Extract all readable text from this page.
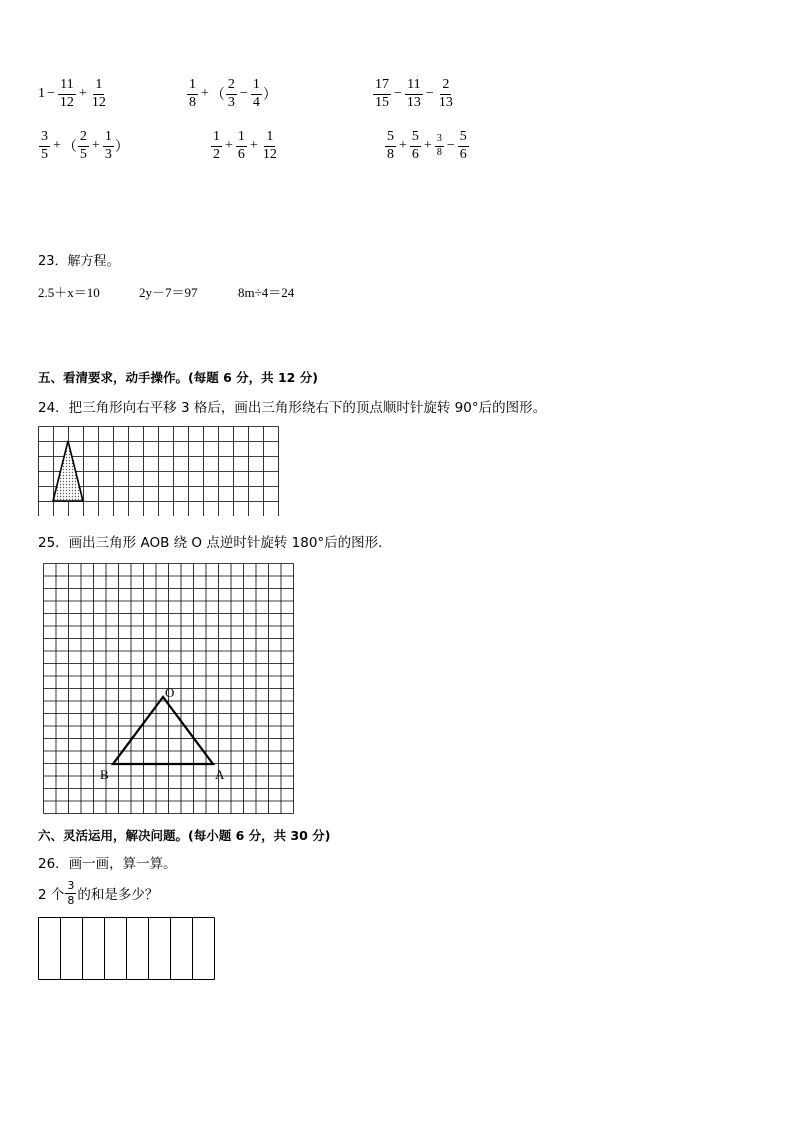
$1 - \frac{11}{12} + \frac{1}{12}$	$\frac{1}{8}$ + （ $\frac{2}{3} - \frac{1}{4}$ ）	$\frac{17}{15} - \frac{11}{13} - \frac{2}{13}$
$\frac{3}{5}$ + （ $\frac{2}{5} + \frac{1}{3}$ ）	$\frac{1}{2} + \frac{1}{6} + \frac{1}{12}$	$\frac{5}{8} + \frac{5}{6} + \frac{3}{8} - \frac{5}{6}$
23．解方程。
2.5＋x＝10	2y－7＝97	8m÷4＝24
五、看清要求，动手操作。(每题 6 分，共 12 分)
24．把三角形向右平移 3 格后，画出三角形绕右下的顶点顺时针旋转 90°后的图形。
25．画出三角形 AOB 绕 O 点逆时针旋转 180°后的图形．
O
B	A
六、灵活运用，解决问题。(每小题 6 分，共 30 分)
26．画一画，算一算。
2 个 $\frac{3}{8}$ 的和是多少？
